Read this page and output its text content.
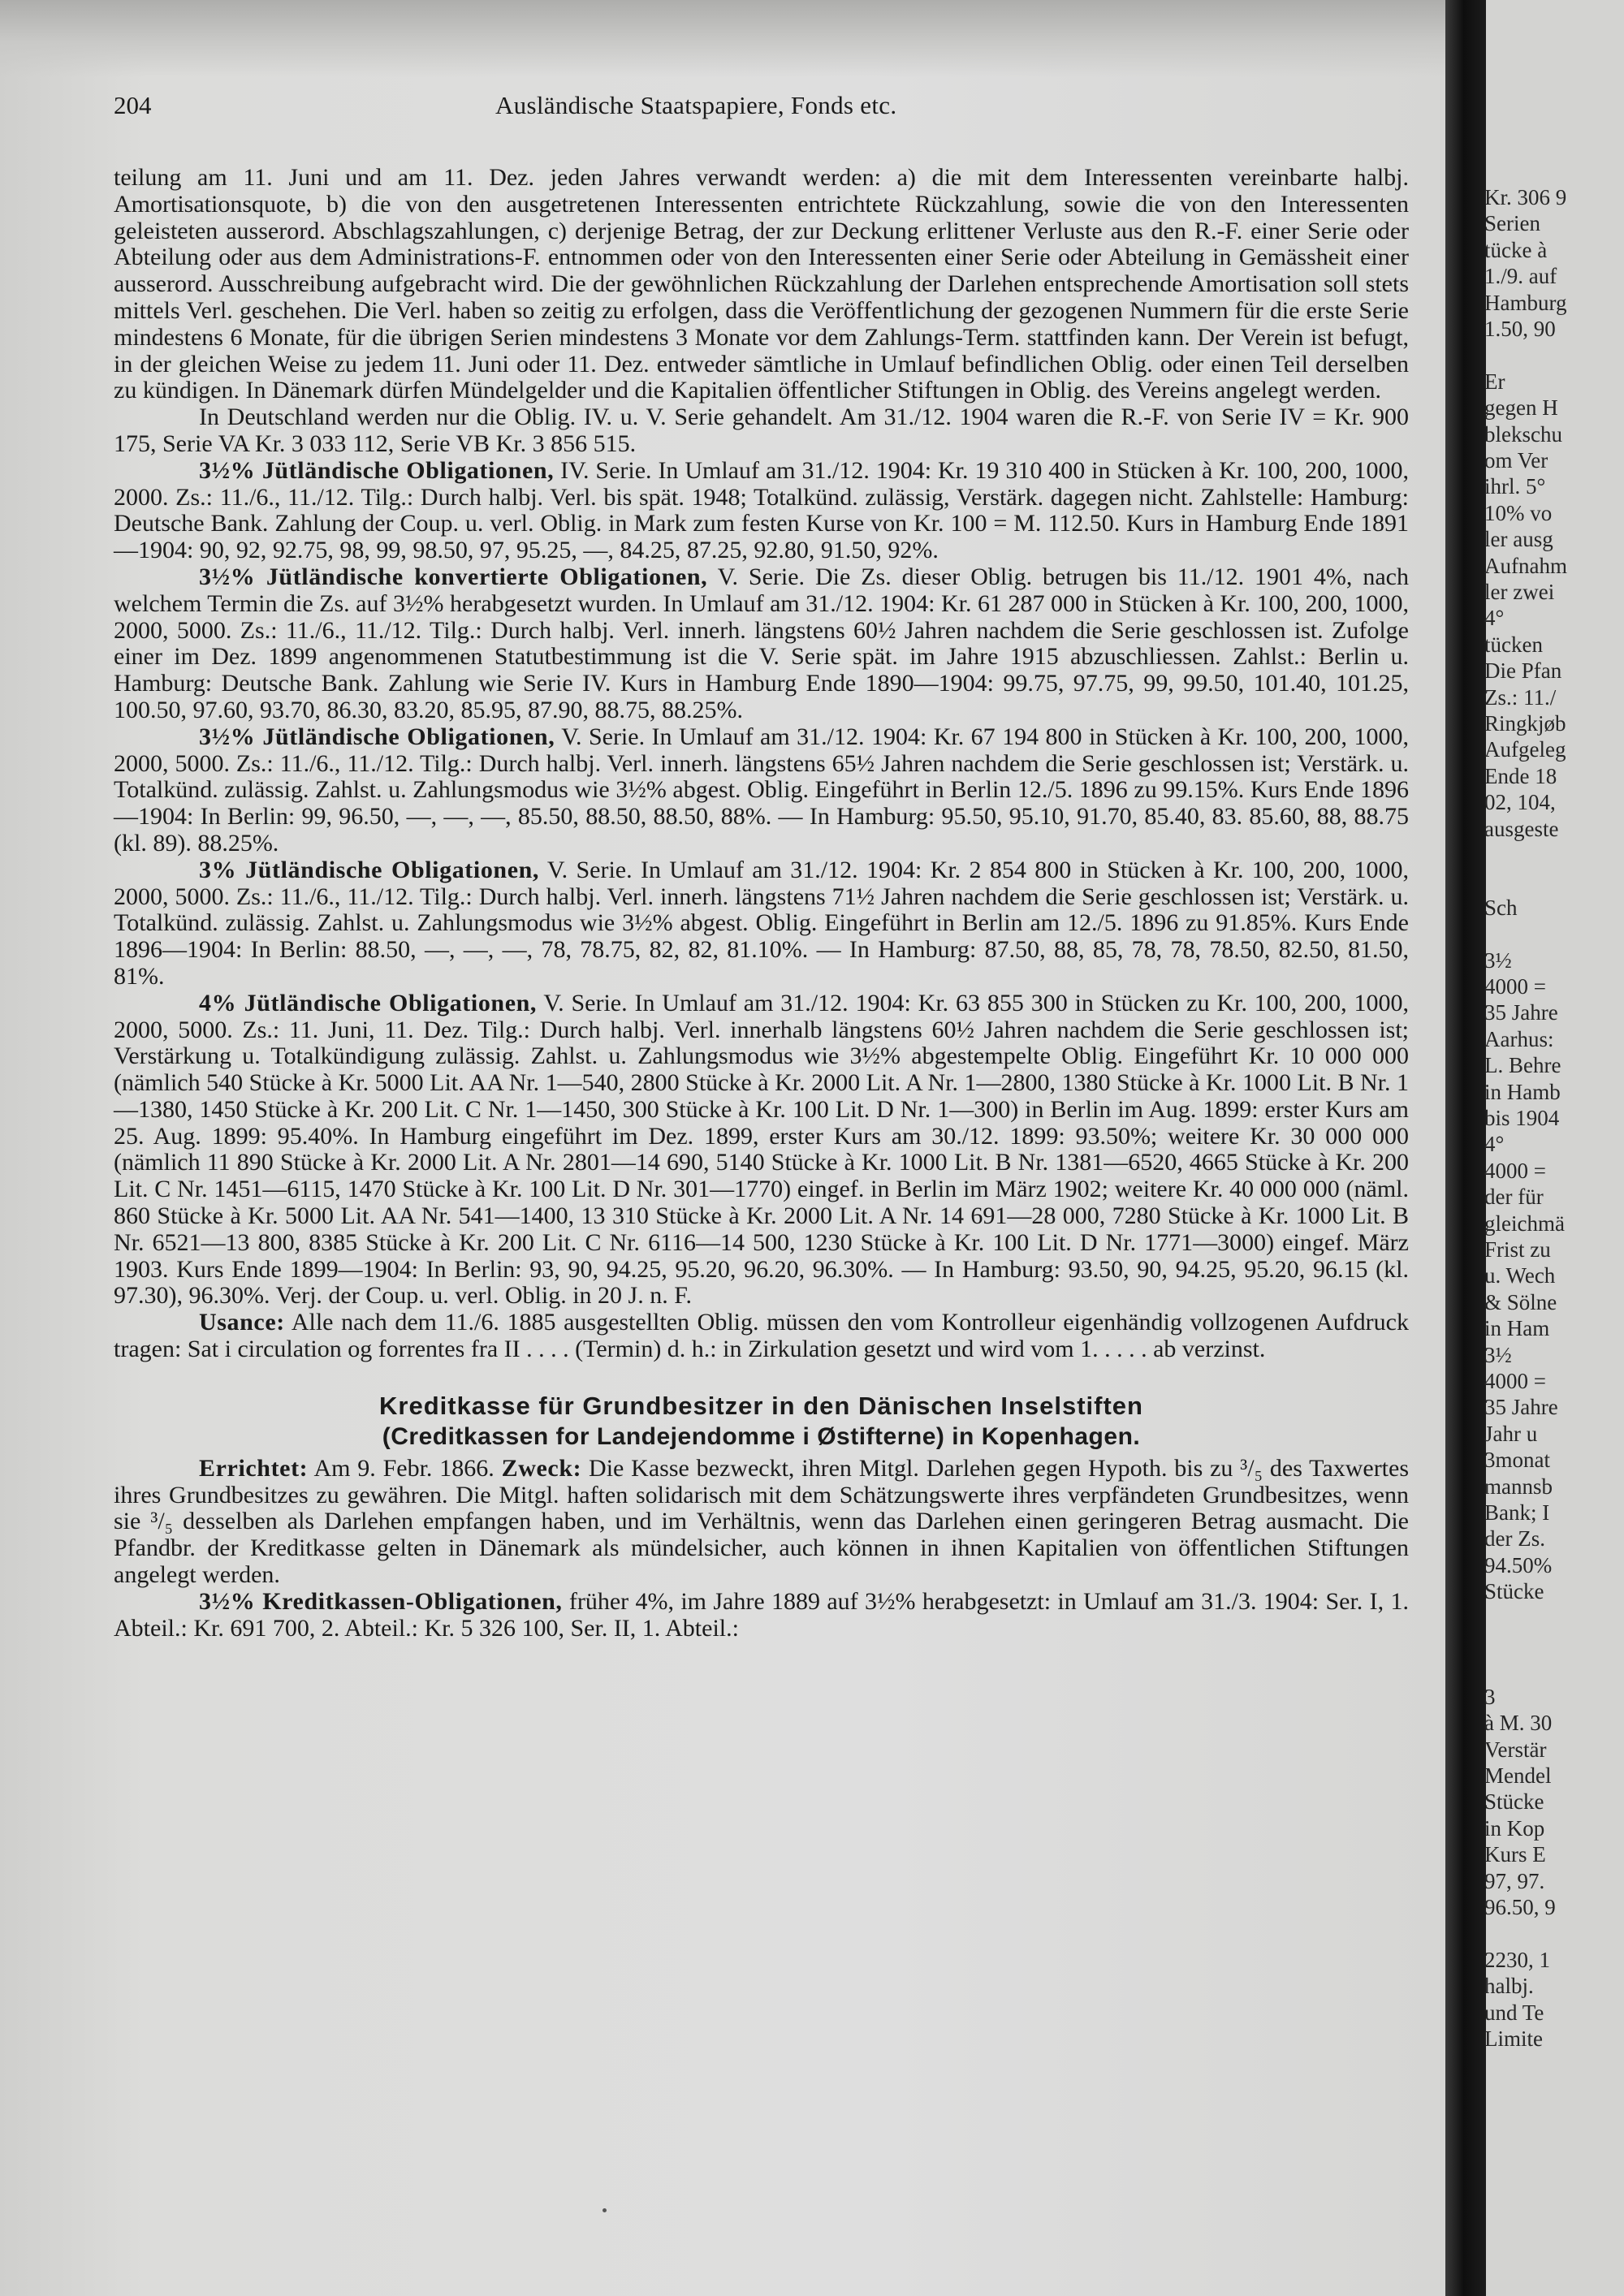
204	Ausländische Staatspapiere, Fonds etc.

teilung am 11. Juni und am 11. Dez. jeden Jahres verwandt werden: a) die mit dem Interessenten vereinbarte halbj. Amortisationsquote, b) die von den ausgetretenen Interessenten entrichtete Rückzahlung, sowie die von den Interessenten geleisteten ausserord. Abschlagszahlungen, c) derjenige Betrag, der zur Deckung erlittener Verluste aus den R.-F. einer Serie oder Abteilung oder aus dem Administrations-F. entnommen oder von den Interessenten einer Serie oder Abteilung in Gemässheit einer ausserord. Ausschreibung aufgebracht wird. Die der gewöhnlichen Rückzahlung der Darlehen entsprechende Amortisation soll stets mittels Verl. geschehen. Die Verl. haben so zeitig zu erfolgen, dass die Veröffentlichung der gezogenen Nummern für die erste Serie mindestens 6 Monate, für die übrigen Serien mindestens 3 Monate vor dem Zahlungs-Term. stattfinden kann. Der Verein ist befugt, in der gleichen Weise zu jedem 11. Juni oder 11. Dez. entweder sämtliche in Umlauf befindlichen Oblig. oder einen Teil derselben zu kündigen. In Dänemark dürfen Mündelgelder und die Kapitalien öffentlicher Stiftungen in Oblig. des Vereins angelegt werden.

In Deutschland werden nur die Oblig. IV. u. V. Serie gehandelt. Am 31./12. 1904 waren die R.-F. von Serie IV = Kr. 900 175, Serie VA Kr. 3 033 112, Serie VB Kr. 3 856 515.

3½% Jütländische Obligationen, IV. Serie. In Umlauf am 31./12. 1904: Kr. 19 310 400 in Stücken à Kr. 100, 200, 1000, 2000. Zs.: 11./6., 11./12. Tilg.: Durch halbj. Verl. bis spät. 1948; Totalkünd. zulässig, Verstärk. dagegen nicht. Zahlstelle: Hamburg: Deutsche Bank. Zahlung der Coup. u. verl. Oblig. in Mark zum festen Kurse von Kr. 100 = M. 112.50. Kurs in Hamburg Ende 1891—1904: 90, 92, 92.75, 98, 99, 98.50, 97, 95.25, —, 84.25, 87.25, 92.80, 91.50, 92%.

3½% Jütländische konvertierte Obligationen, V. Serie. Die Zs. dieser Oblig. betrugen bis 11./12. 1901 4%, nach welchem Termin die Zs. auf 3½% herabgesetzt wurden. In Umlauf am 31./12. 1904: Kr. 61 287 000 in Stücken à Kr. 100, 200, 1000, 2000, 5000. Zs.: 11./6., 11./12. Tilg.: Durch halbj. Verl. innerh. längstens 60½ Jahren nachdem die Serie geschlossen ist. Zufolge einer im Dez. 1899 angenommenen Statutbestimmung ist die V. Serie spät. im Jahre 1915 abzuschliessen. Zahlst.: Berlin u. Hamburg: Deutsche Bank. Zahlung wie Serie IV. Kurs in Hamburg Ende 1890—1904: 99.75, 97.75, 99, 99.50, 101.40, 101.25, 100.50, 97.60, 93.70, 86.30, 83.20, 85.95, 87.90, 88.75, 88.25%.

3½% Jütländische Obligationen, V. Serie. In Umlauf am 31./12. 1904: Kr. 67 194 800 in Stücken à Kr. 100, 200, 1000, 2000, 5000. Zs.: 11./6., 11./12. Tilg.: Durch halbj. Verl. innerh. längstens 65½ Jahren nachdem die Serie geschlossen ist; Verstärk. u. Totalkünd. zulässig. Zahlst. u. Zahlungsmodus wie 3½% abgest. Oblig. Eingeführt in Berlin 12./5. 1896 zu 99.15%. Kurs Ende 1896—1904: In Berlin: 99, 96.50, —, —, —, 85.50, 88.50, 88.50, 88%. — In Hamburg: 95.50, 95.10, 91.70, 85.40, 83. 85.60, 88, 88.75 (kl. 89). 88.25%.

3% Jütländische Obligationen, V. Serie. In Umlauf am 31./12. 1904: Kr. 2 854 800 in Stücken à Kr. 100, 200, 1000, 2000, 5000. Zs.: 11./6., 11./12. Tilg.: Durch halbj. Verl. innerh. längstens 71½ Jahren nachdem die Serie geschlossen ist; Verstärk. u. Totalkünd. zulässig. Zahlst. u. Zahlungsmodus wie 3½% abgest. Oblig. Eingeführt in Berlin am 12./5. 1896 zu 91.85%. Kurs Ende 1896—1904: In Berlin: 88.50, —, —, —, 78, 78.75, 82, 82, 81.10%. — In Hamburg: 87.50, 88, 85, 78, 78, 78.50, 82.50, 81.50, 81%.

4% Jütländische Obligationen, V. Serie. In Umlauf am 31./12. 1904: Kr. 63 855 300 in Stücken zu Kr. 100, 200, 1000, 2000, 5000. Zs.: 11. Juni, 11. Dez. Tilg.: Durch halbj. Verl. innerhalb längstens 60½ Jahren nachdem die Serie geschlossen ist; Verstärkung u. Totalkündigung zulässig. Zahlst. u. Zahlungsmodus wie 3½% abgestempelte Oblig. Eingeführt Kr. 10 000 000 (nämlich 540 Stücke à Kr. 5000 Lit. AA Nr. 1—540, 2800 Stücke à Kr. 2000 Lit. A Nr. 1—2800, 1380 Stücke à Kr. 1000 Lit. B Nr. 1—1380, 1450 Stücke à Kr. 200 Lit. C Nr. 1—1450, 300 Stücke à Kr. 100 Lit. D Nr. 1—300) in Berlin im Aug. 1899: erster Kurs am 25. Aug. 1899: 95.40%. In Hamburg eingeführt im Dez. 1899, erster Kurs am 30./12. 1899: 93.50%; weitere Kr. 30 000 000 (nämlich 11 890 Stücke à Kr. 2000 Lit. A Nr. 2801—14 690, 5140 Stücke à Kr. 1000 Lit. B Nr. 1381—6520, 4665 Stücke à Kr. 200 Lit. C Nr. 1451—6115, 1470 Stücke à Kr. 100 Lit. D Nr. 301—1770) eingef. in Berlin im März 1902; weitere Kr. 40 000 000 (näml. 860 Stücke à Kr. 5000 Lit. AA Nr. 541—1400, 13 310 Stücke à Kr. 2000 Lit. A Nr. 14 691—28 000, 7280 Stücke à Kr. 1000 Lit. B Nr. 6521—13 800, 8385 Stücke à Kr. 200 Lit. C Nr. 6116—14 500, 1230 Stücke à Kr. 100 Lit. D Nr. 1771—3000) eingef. März 1903. Kurs Ende 1899—1904: In Berlin: 93, 90, 94.25, 95.20, 96.20, 96.30%. — In Hamburg: 93.50, 90, 94.25, 95.20, 96.15 (kl. 97.30), 96.30%. Verj. der Coup. u. verl. Oblig. in 20 J. n. F.

Usance: Alle nach dem 11./6. 1885 ausgestellten Oblig. müssen den vom Kontrolleur eigenhändig vollzogenen Aufdruck tragen: Sat i circulation og forrentes fra II . . . . (Termin) d. h.: in Zirkulation gesetzt und wird vom 1. . . . . ab verzinst.

Kreditkasse für Grundbesitzer in den Dänischen Inselstiften
(Creditkassen for Landejendomme i Østifterne) in Kopenhagen.

Errichtet: Am 9. Febr. 1866. Zweck: Die Kasse bezweckt, ihren Mitgl. Darlehen gegen Hypoth. bis zu ³/₅ des Taxwertes ihres Grundbesitzes zu gewähren. Die Mitgl. haften solidarisch mit dem Schätzungswerte ihres verpfändeten Grundbesitzes, wenn sie ³/₅ desselben als Darlehen empfangen haben, und im Verhältnis, wenn das Darlehen einen geringeren Betrag ausmacht. Die Pfandbr. der Kreditkasse gelten in Dänemark als mündelsicher, auch können in ihnen Kapitalien von öffentlichen Stiftungen angelegt werden.

3½% Kreditkassen-Obligationen, früher 4%, im Jahre 1889 auf 3½% herabgesetzt: in Umlauf am 31./3. 1904: Ser. I, 1. Abteil.: Kr. 691 700, 2. Abteil.: Kr. 5 326 100, Ser. II, 1. Abteil.:

Kr. 306 9
Serien
tücke à
1./9. auf
Hamburg
1.50, 90
Er
gegen H
blekschu
om Ver
ihrl. 5°
10% vo
ler ausg
Aufnahm
ler zwei
4°
tücken
Die Pfan
Zs.: 11./
Ringkjøb
Aufgeleg
Ende 18
02, 104,
ausgeste
Sch
3½
4000 =
35 Jahre
Aarhus:
L. Behre
in Hamb
bis 1904
4°
4000 =
der für
gleichmä
Frist zu
u. Wech
& Sölne
in Ham
3½
4000 =
35 Jahre
Jahr u
3monat
mannsb
Bank; I
der Zs.
94.50%
Stücke
3
à M. 30
Verstär
Mendel
Stücke
in Kop
Kurs E
97, 97.
96.50, 9
2230, 1
halbj.
und Te
Limite
